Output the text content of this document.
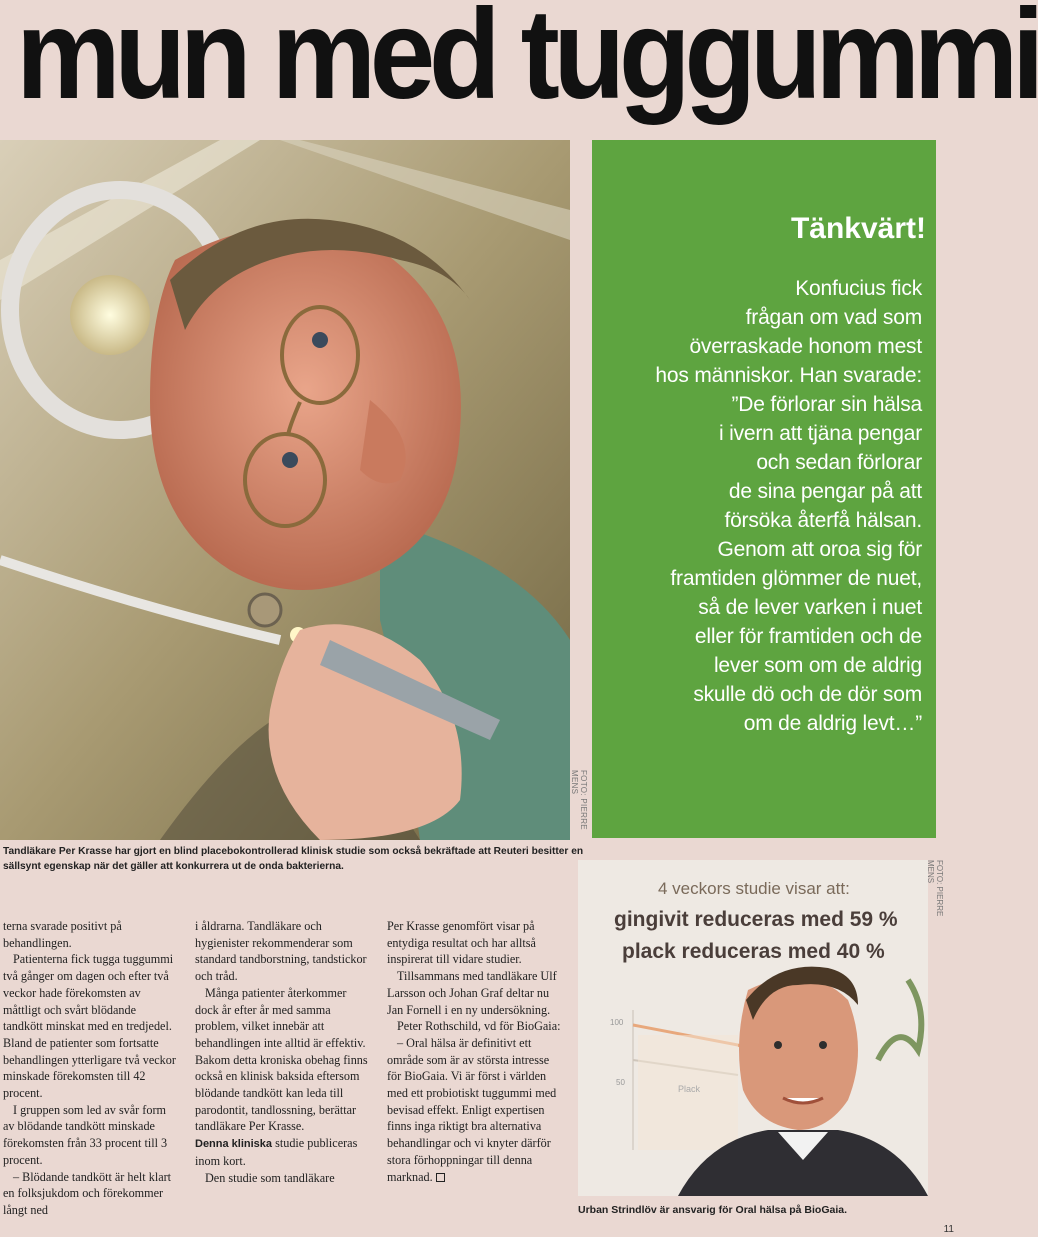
mun med tuggummi
FOTO: PIERRE MENS
Tänkvärt!
Konfucius fick
frågan om vad som
överraskade honom mest
hos människor. Han svarade:
”De förlorar sin hälsa
i ivern att tjäna pengar
och sedan förlorar
de sina pengar på att
försöka återfå hälsan.
Genom att oroa sig för
framtiden glömmer de nuet,
så de lever varken i nuet
eller för framtiden och de
lever som om de aldrig
skulle dö och de dör som
om de aldrig levt…”
Tandläkare Per Krasse har gjort en blind placebokontrollerad klinisk studie som också bekräftade att Reuteri besitter en sällsynt egenskap när det gäller att konkurrera ut de onda bakterierna.

terna svarade positivt på behandlingen.

Patienterna fick tugga tuggummi två gånger om dagen och efter två veckor hade förekomsten av måttligt och svårt blödande tandkött minskat med en tredjedel. Bland de patienter som fortsatte behandlingen ytterligare två veckor minskade förekomsten till 42 procent.

I gruppen som led av svår form av blödande tandkött minskade förekomsten från 33 procent till 3 procent.

– Blödande tandkött är helt klart en folksjukdom och förekommer långt ned

i åldrarna. Tandläkare och hygienister rekommenderar som standard tandborstning, tandstickor och tråd.

Många patienter återkommer dock år efter år med samma problem, vilket innebär att behandlingen inte alltid är effektiv. Bakom detta kroniska obehag finns också en klinisk baksida eftersom blödande tandkött kan leda till parodontit, tandlossning, berättar tandläkare Per Krasse.

Denna kliniska studie publiceras inom kort.

Den studie som tandläkare

Per Krasse genomfört visar på entydiga resultat och har alltså inspirerat till vidare studier.

Tillsammans med tandläkare Ulf Larsson och Johan Graf deltar nu Jan Fornell i en ny undersökning.

Peter Rothschild, vd för BioGaia:

– Oral hälsa är definitivt ett område som är av största intresse för BioGaia. Vi är först i världen med ett probiotiskt tuggummi med bevisad effekt. Enligt expertisen finns inga riktigt bra alternativa behandlingar och vi knyter därför stora förhoppningar till denna marknad.

4 veckors studie visar att:
gingivit reduceras med 59 %
plack reduceras med 40 %
100
50
Plack
FOTO: PIERRE MENS
Urban Strindlöv är ansvarig för Oral hälsa på BioGaia.
11
